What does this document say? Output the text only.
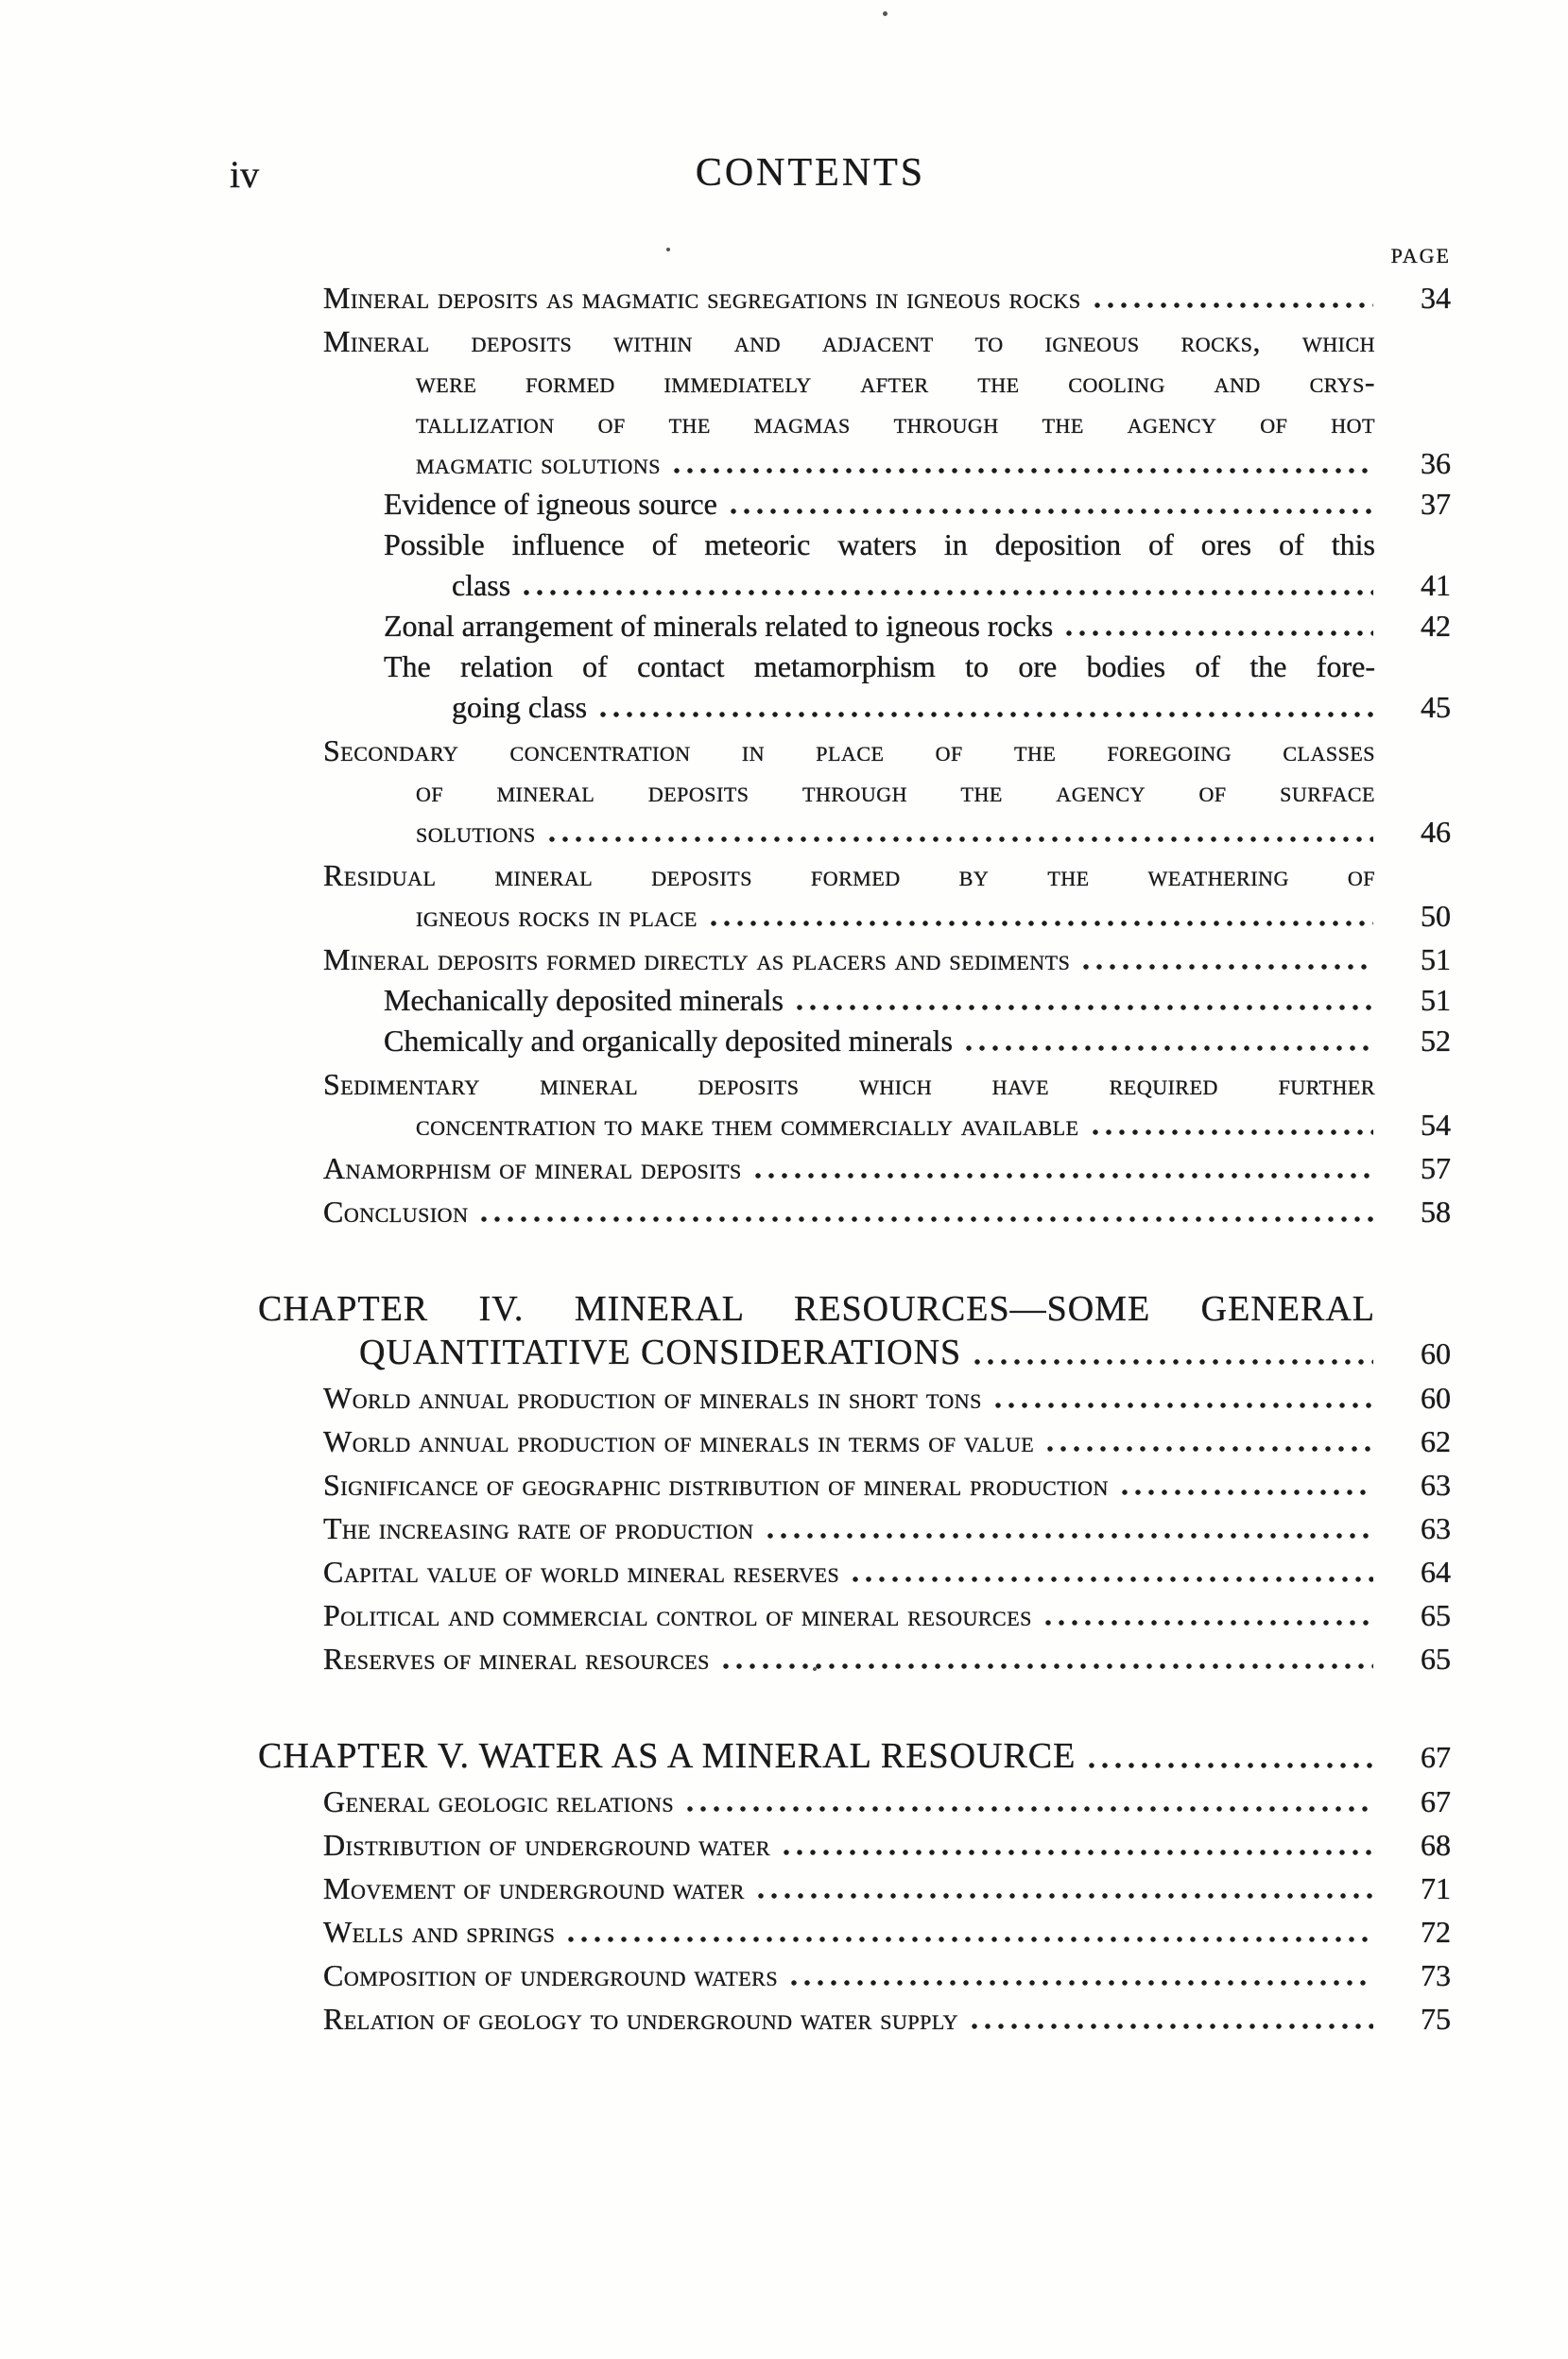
iv	CONTENTS
PAGE
Mineral deposits as magmatic segregations in igneous rocks	34
Mineral deposits within and adjacent to igneous rocks, which
were formed immediately after the cooling and crys-
tallization of the magmas through the agency of hot
magmatic solutions	36
Evidence of igneous source	37
Possible influence of meteoric waters in deposition of ores of this
class	41
Zonal arrangement of minerals related to igneous rocks	42
The relation of contact metamorphism to ore bodies of the fore-
going class	45
Secondary concentration in place of the foregoing classes
of mineral deposits through the agency of surface
solutions	46
Residual mineral deposits formed by the weathering of
igneous rocks in place	50
Mineral deposits formed directly as placers and sediments	51
Mechanically deposited minerals	51
Chemically and organically deposited minerals	52
Sedimentary mineral deposits which have required further
concentration to make them commercially available	54
Anamorphism of mineral deposits	57
Conclusion	58
CHAPTER IV. MINERAL RESOURCES—SOME GENERAL
QUANTITATIVE CONSIDERATIONS	60
World annual production of minerals in short tons	60
World annual production of minerals in terms of value	62
Significance of geographic distribution of mineral production	63
The increasing rate of production	63
Capital value of world mineral reserves	64
Political and commercial control of mineral resources	65
Reserves of mineral resources	65
CHAPTER V. WATER AS A MINERAL RESOURCE	67
General geologic relations	67
Distribution of underground water	68
Movement of underground water	71
Wells and springs	72
Composition of underground waters	73
Relation of geology to underground water supply	75
